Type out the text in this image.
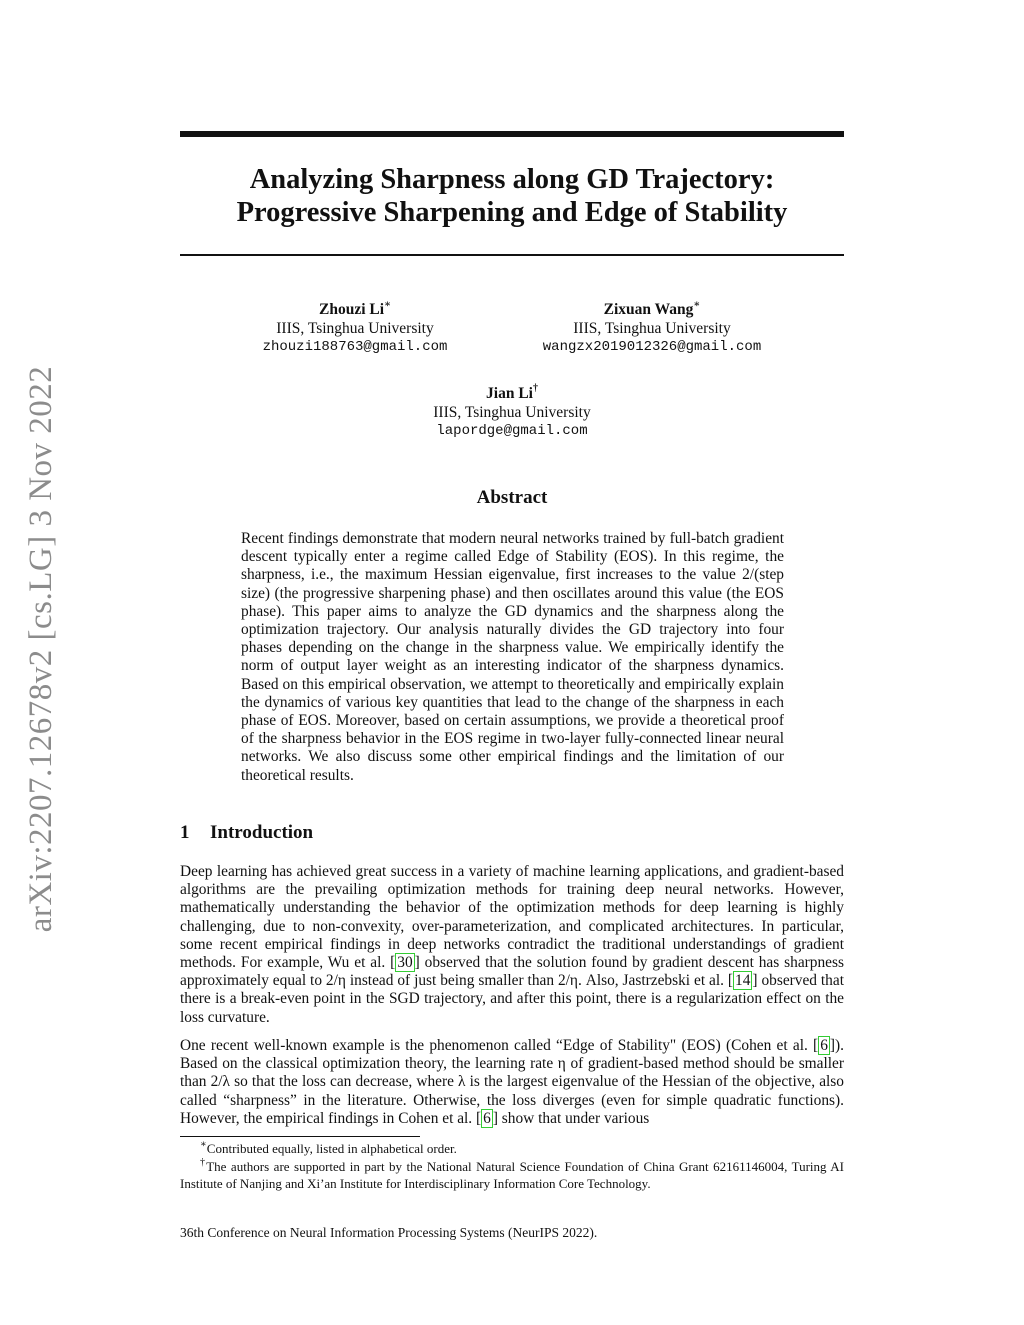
Analyzing Sharpness along GD Trajectory:
Progressive Sharpening and Edge of Stability
Zhouzi Li∗
IIIS, Tsinghua University
zhouzi188763@gmail.com
Zixuan Wang∗
IIIS, Tsinghua University
wangzx2019012326@gmail.com
Jian Li†
IIIS, Tsinghua University
lapordge@gmail.com
Abstract
Recent findings demonstrate that modern neural networks trained by full-batch gradient descent typically enter a regime called Edge of Stability (EOS). In this regime, the sharpness, i.e., the maximum Hessian eigenvalue, first increases to the value 2/(step size) (the progressive sharpening phase) and then oscillates around this value (the EOS phase). This paper aims to analyze the GD dynamics and the sharpness along the optimization trajectory. Our analysis naturally divides the GD trajectory into four phases depending on the change in the sharpness value. We empirically identify the norm of output layer weight as an interesting indicator of the sharpness dynamics. Based on this empirical observation, we attempt to theoretically and empirically explain the dynamics of various key quantities that lead to the change of the sharpness in each phase of EOS. Moreover, based on certain assumptions, we provide a theoretical proof of the sharpness behavior in the EOS regime in two-layer fully-connected linear neural networks. We also discuss some other empirical findings and the limitation of our theoretical results.
1 Introduction
Deep learning has achieved great success in a variety of machine learning applications, and gradient-based algorithms are the prevailing optimization methods for training deep neural networks. However, mathematically understanding the behavior of the optimization methods for deep learning is highly challenging, due to non-convexity, over-parameterization, and complicated architectures. In particular, some recent empirical findings in deep networks contradict the traditional understandings of gradient methods. For example, Wu et al. [ 30 ] observed that the solution found by gradient descent has sharpness approximately equal to 2/η instead of just being smaller than 2/η. Also, Jastrzebski et al. [ 14 ] observed that there is a break-even point in the SGD trajectory, and after this point, there is a regularization effect on the loss curvature.
One recent well-known example is the phenomenon called “Edge of Stability" (EOS) (Cohen et al. [ 6 ]). Based on the classical optimization theory, the learning rate η of gradient-based method should be smaller than 2/λ so that the loss can decrease, where λ is the largest eigenvalue of the Hessian of the objective, also called “sharpness” in the literature. Otherwise, the loss diverges (even for simple quadratic functions). However, the empirical findings in Cohen et al. [ 6 ] show that under various
∗Contributed equally, listed in alphabetical order.
†The authors are supported in part by the National Natural Science Foundation of China Grant 62161146004, Turing AI Institute of Nanjing and Xi’an Institute for Interdisciplinary Information Core Technology.
36th Conference on Neural Information Processing Systems (NeurIPS 2022).
arXiv:2207.12678v2 [cs.LG] 3 Nov 2022
